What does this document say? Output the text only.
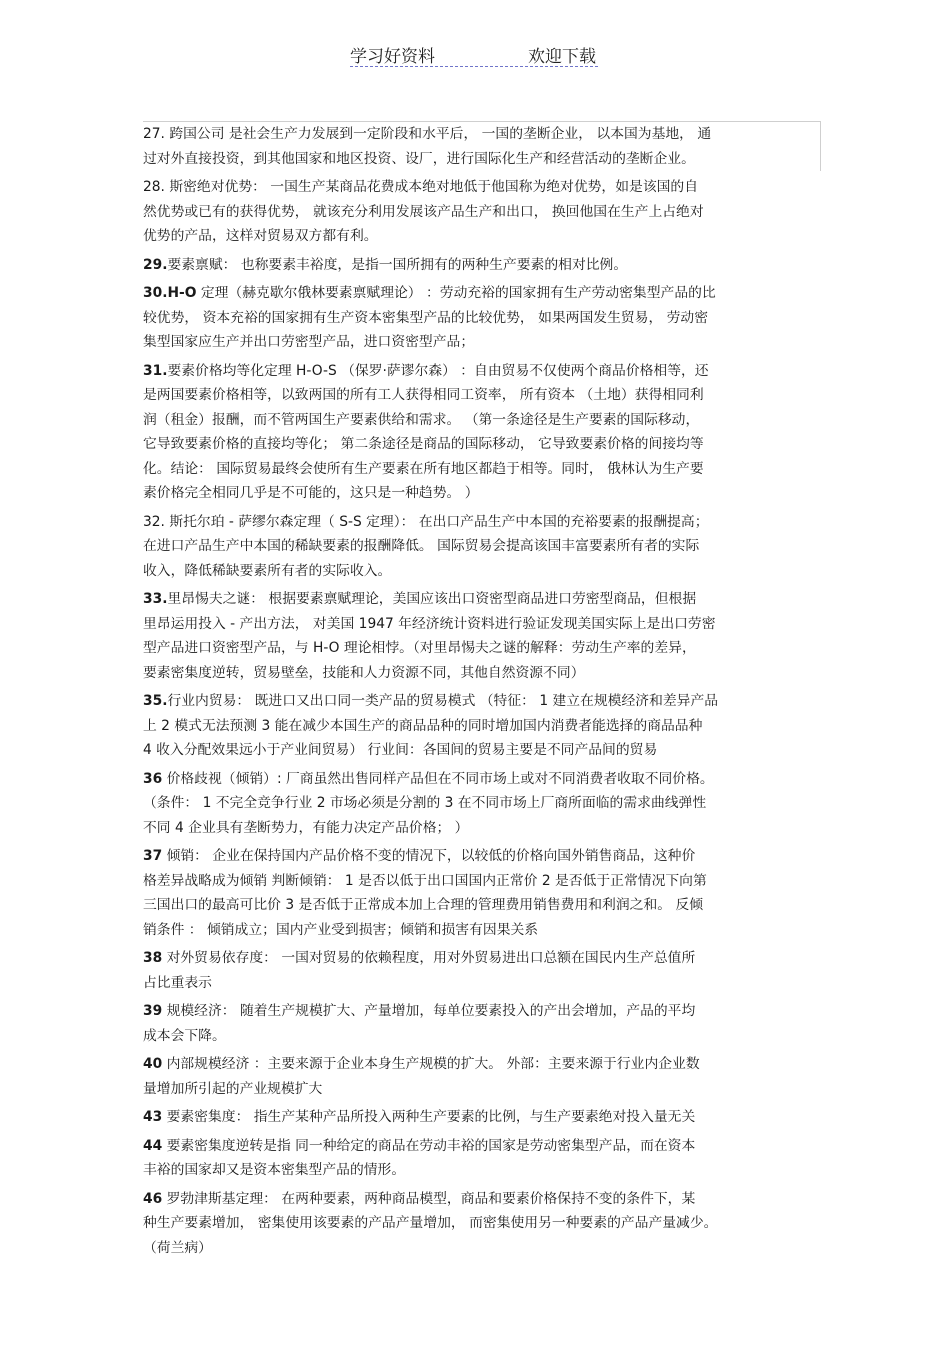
学习好资料	欢迎下载
27. 跨国公司 是社会生产力发展到一定阶段和水平后， 一国的垄断企业， 以本国为基地， 通
过对外直接投资，到其他国家和地区投资、设厂，进行国际化生产和经营活动的垄断企业。
28. 斯密绝对优势： 一国生产某商品花费成本绝对地低于他国称为绝对优势，如是该国的自
然优势或已有的获得优势， 就该充分利用发展该产品生产和出口， 换回他国在生产上占绝对
优势的产品，这样对贸易双方都有利。
29.要素禀赋： 也称要素丰裕度，是指一国所拥有的两种生产要素的相对比例。
30.H-O 定理（赫克歇尔俄林要素禀赋理论） ：劳动充裕的国家拥有生产劳动密集型产品的比
较优势， 资本充裕的国家拥有生产资本密集型产品的比较优势， 如果两国发生贸易， 劳动密
集型国家应生产并出口劳密型产品，进口资密型产品；
31.要素价格均等化定理 H-O-S （保罗·萨谬尔森） ：自由贸易不仅使两个商品价格相等，还
是两国要素价格相等，以致两国的所有工人获得相同工资率， 所有资本 （土地）获得相同利
润（租金）报酬，而不管两国生产要素供给和需求。 （第一条途径是生产要素的国际移动，
它导致要素价格的直接均等化； 第二条途径是商品的国际移动， 它导致要素价格的间接均等
化。结论： 国际贸易最终会使所有生产要素在所有地区都趋于相等。同时， 俄林认为生产要
素价格完全相同几乎是不可能的，这只是一种趋势。 ）
32. 斯托尔珀 - 萨缪尔森定理（ S-S 定理）： 在出口产品生产中本国的充裕要素的报酬提高；
在进口产品生产中本国的稀缺要素的报酬降低。 国际贸易会提高该国丰富要素所有者的实际
收入，降低稀缺要素所有者的实际收入。
33.里昂惕夫之谜： 根据要素禀赋理论，美国应该出口资密型商品进口劳密型商品，但根据
里昂运用投入 - 产出方法， 对美国 1947 年经济统计资料进行验证发现美国实际上是出口劳密
型产品进口资密型产品，与 H-O 理论相悖。（对里昂惕夫之谜的解释：劳动生产率的差异，
要素密集度逆转，贸易壁垒，技能和人力资源不同，其他自然资源不同）
35.行业内贸易： 既进口又出口同一类产品的贸易模式 （特征： 1 建立在规模经济和差异产品
上 2 模式无法预测 3 能在减少本国生产的商品品种的同时增加国内消费者能选择的商品品种
4 收入分配效果远小于产业间贸易） 行业间：各国间的贸易主要是不同产品间的贸易
36 价格歧视（倾销）: 厂商虽然出售同样产品但在不同市场上或对不同消费者收取不同价格。
（条件： 1 不完全竞争行业 2 市场必须是分割的 3 在不同市场上厂商所面临的需求曲线弹性
不同 4 企业具有垄断势力，有能力决定产品价格； ）
37 倾销： 企业在保持国内产品价格不变的情况下，以较低的价格向国外销售商品，这种价
格差异战略成为倾销 判断倾销： 1 是否以低于出口国国内正常价 2 是否低于正常情况下向第
三国出口的最高可比价 3 是否低于正常成本加上合理的管理费用销售费用和利润之和。 反倾
销条件 ： 倾销成立；国内产业受到损害；倾销和损害有因果关系
38 对外贸易依存度： 一国对贸易的依赖程度，用对外贸易进出口总额在国民内生产总值所
占比重表示
39 规模经济： 随着生产规模扩大、产量增加，每单位要素投入的产出会增加，产品的平均
成本会下降。
40 内部规模经济 ：主要来源于企业本身生产规模的扩大。 外部：主要来源于行业内企业数
量增加所引起的产业规模扩大
43 要素密集度： 指生产某种产品所投入两种生产要素的比例，与生产要素绝对投入量无关
44 要素密集度逆转是指 同一种给定的商品在劳动丰裕的国家是劳动密集型产品，而在资本
丰裕的国家却又是资本密集型产品的情形。
46 罗勃津斯基定理： 在两种要素，两种商品模型，商品和要素价格保持不变的条件下，某
种生产要素增加， 密集使用该要素的产品产量增加， 而密集使用另一种要素的产品产量减少。
（荷兰病）
